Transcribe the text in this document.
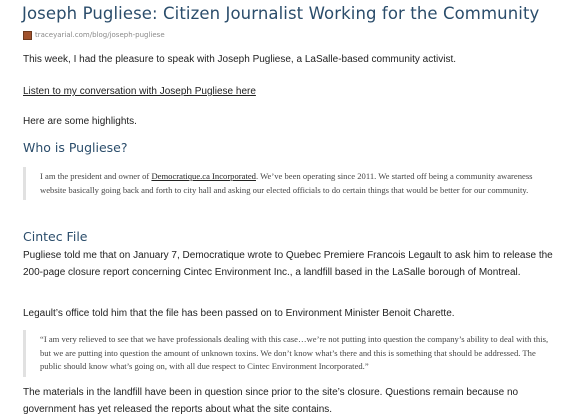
Joseph Pugliese: Citizen Journalist Working for the Community
traceyarial.com/blog/joseph-pugliese

This week, I had the pleasure to speak with Joseph Pugliese, a LaSalle-based community activist.

Listen to my conversation with Joseph Pugliese here

Here are some highlights.

Who is Pugliese?
I am the president and owner of Democratique.ca Incorporated. We’ve been operating since 2011. We started off being a community awareness website basically going back and forth to city hall and asking our elected officials to do certain things that would be better for our community.
Cintec File

Pugliese told me that on January 7, Democratique wrote to Quebec Premiere Francois Legault to ask him to release the 200-page closure report concerning Cintec Environment Inc., a landfill based in the LaSalle borough of Montreal.

Legault’s office told him that the file has been passed on to Environment Minister Benoit Charette.

“I am very relieved to see that we have professionals dealing with this case…we’re not putting into question the company’s ability to deal with this, but we are putting into question the amount of unknown toxins. We don’t know what’s there and this is something that should be addressed. The public should know what’s going on, with all due respect to Cintec Environment Incorporated.”

The materials in the landfill have been in question since prior to the site’s closure. Questions remain because no government has yet released the reports about what the site contains.
